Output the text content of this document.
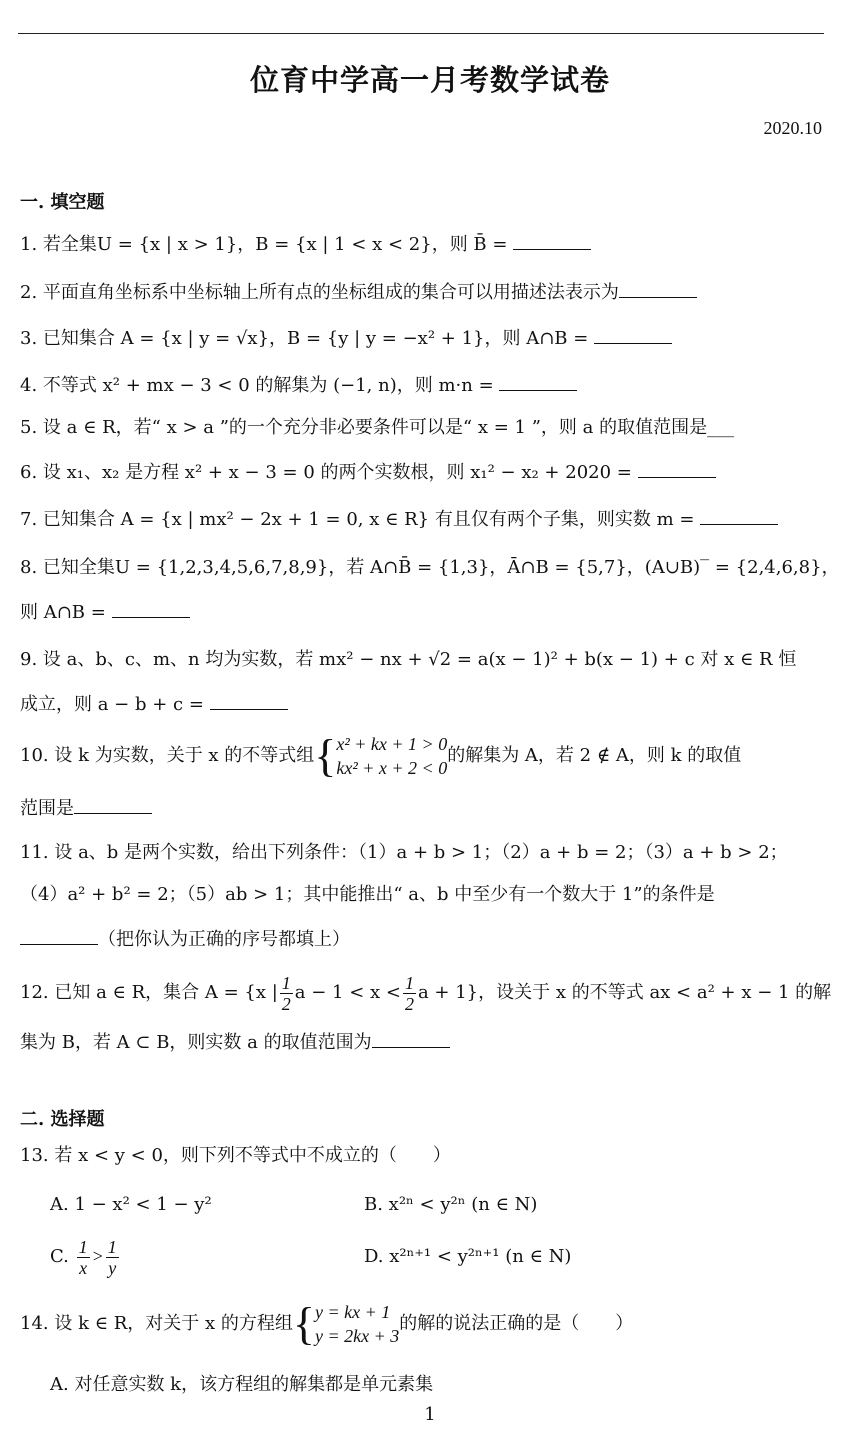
位育中学高一月考数学试卷
2020.10
一. 填空题
1. 若全集U = {x | x > 1}，B = {x | 1 < x < 2}，则 B̄ =
2. 平面直角坐标系中坐标轴上所有点的坐标组成的集合可以用描述法表示为
3. 已知集合 A = {x | y = √x}，B = {y | y = −x² + 1}，则 A∩B =
4. 不等式 x² + mx − 3 < 0 的解集为 (−1, n)，则 m·n =
5. 设 a ∈ R，若“ x > a ”的一个充分非必要条件可以是“ x = 1 ”，则 a 的取值范围是___
6. 设 x₁、x₂ 是方程 x² + x − 3 = 0 的两个实数根，则 x₁² − x₂ + 2020 =
7. 已知集合 A = {x | mx² − 2x + 1 = 0, x ∈ R} 有且仅有两个子集，则实数 m =
8. 已知全集U = {1,2,3,4,5,6,7,8,9}，若 A∩B̄ = {1,3}，Ā∩B = {5,7}，(A∪B)‾ = {2,4,6,8}，
则 A∩B =
9. 设 a、b、c、m、n 均为实数，若 mx² − nx + √2 = a(x − 1)² + b(x − 1) + c 对 x ∈ R 恒
成立，则 a − b + c =
10. 设 k 为实数，关于 x 的不等式组{ x² + kx + 1 > 0
kx² + x + 2 < 0
的解集为 A，若 2 ∉ A，则 k 的取值
范围是
11. 设 a、b 是两个实数，给出下列条件：（1）a + b > 1；（2）a + b = 2；（3）a + b > 2；
（4）a² + b² = 2；（5）ab > 1；其中能推出“ a、b 中至少有一个数大于 1”的条件是
（把你认为正确的序号都填上）
12. 已知 a ∈ R，集合 A = {x | $\frac{1}{2}$ $a - 1 < x < \frac{1}{2}$ a + 1}，设关于 x 的不等式 ax < a² + x − 1 的解
集为 B，若 A ⊂ B，则实数 a 的取值范围为
二. 选择题
13. 若 x < y < 0，则下列不等式中不成立的（　　）
A. 1 − x² < 1 − y²	B. x²ⁿ < y²ⁿ (n ∈ N)
C. $\frac{1}{x} > \frac{1}{y}$	D. x²ⁿ⁺¹ < y²ⁿ⁺¹ (n ∈ N)
14. 设 k ∈ R，对关于 x 的方程组{ y = kx + 1
y = 2kx + 3
的解的说法正确的是（　　）
A. 对任意实数 k，该方程组的解集都是单元素集
1
